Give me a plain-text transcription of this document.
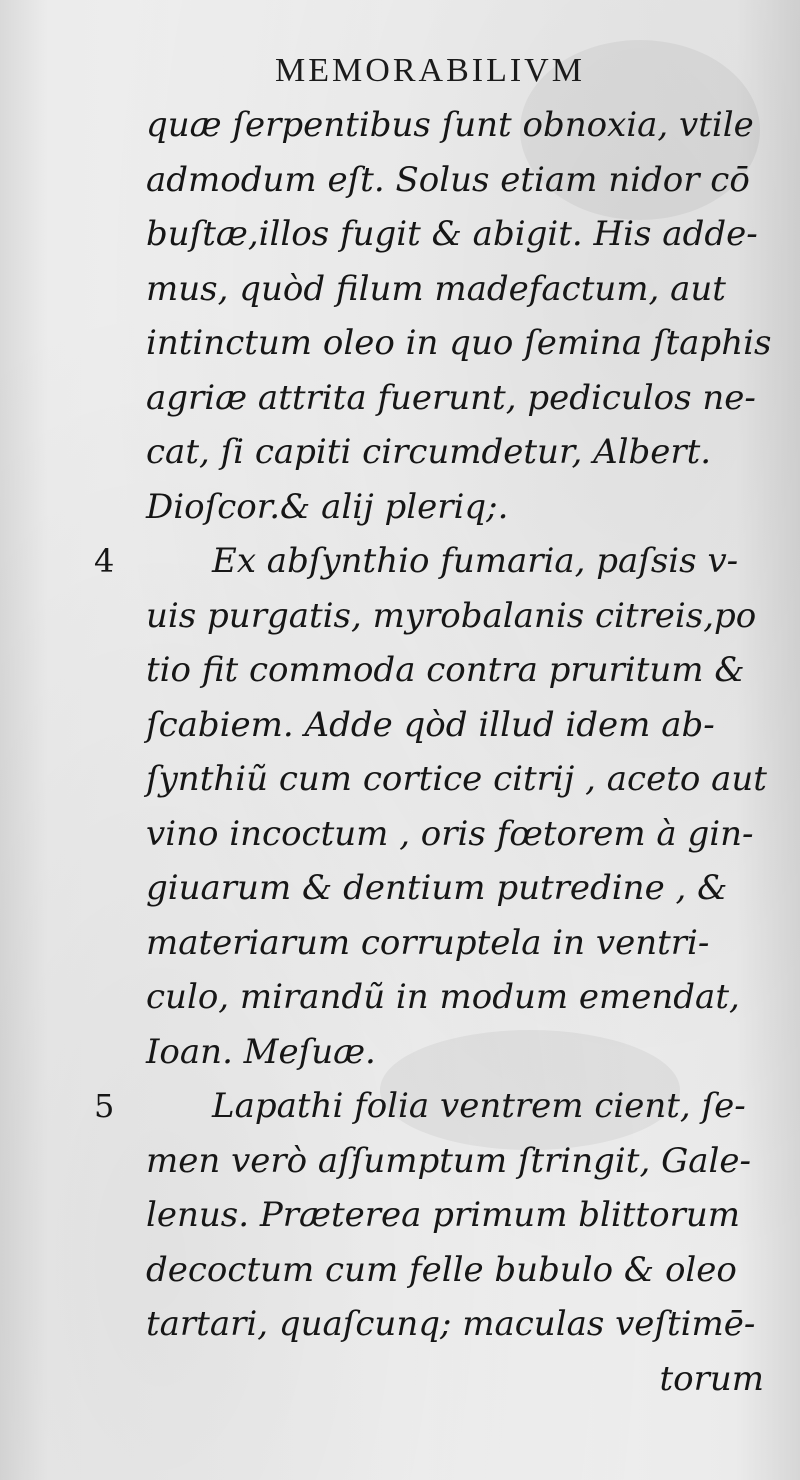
MEMORABILIVM
quæ ſerpentibus ſunt obnoxia, vtile
admodum eſt. Solus etiam nidor cō
buſtæ,illos fugit & abigit. His adde-
mus, quòd filum madefactum, aut
intinctum oleo in quo ſemina ſtaphis
agriæ attrita fuerunt, pediculos ne-
cat, ſi capiti circumdetur, Albert.
Dioſcor.& alij pleriq;.
4	Ex abſynthio fumaria, paſsis v-
uis purgatis, myrobalanis citreis,po
tio fit commoda contra pruritum &
ſcabiem. Adde qòd illud idem ab-
ſynthiũ cum cortice citrij , aceto aut
vino incoctum , oris fœtorem à gin-
giuarum & dentium putredine , &
materiarum corruptela in ventri-
culo, mirandũ in modum emendat,
Ioan. Meſuæ.
5	Lapathi folia ventrem cient, ſe-
men verò aſſumptum ſtringit, Gale-
lenus. Præterea primum blittorum
decoctum cum felle bubulo & oleo
tartari, quaſcunq; maculas veſtimē-
torum
